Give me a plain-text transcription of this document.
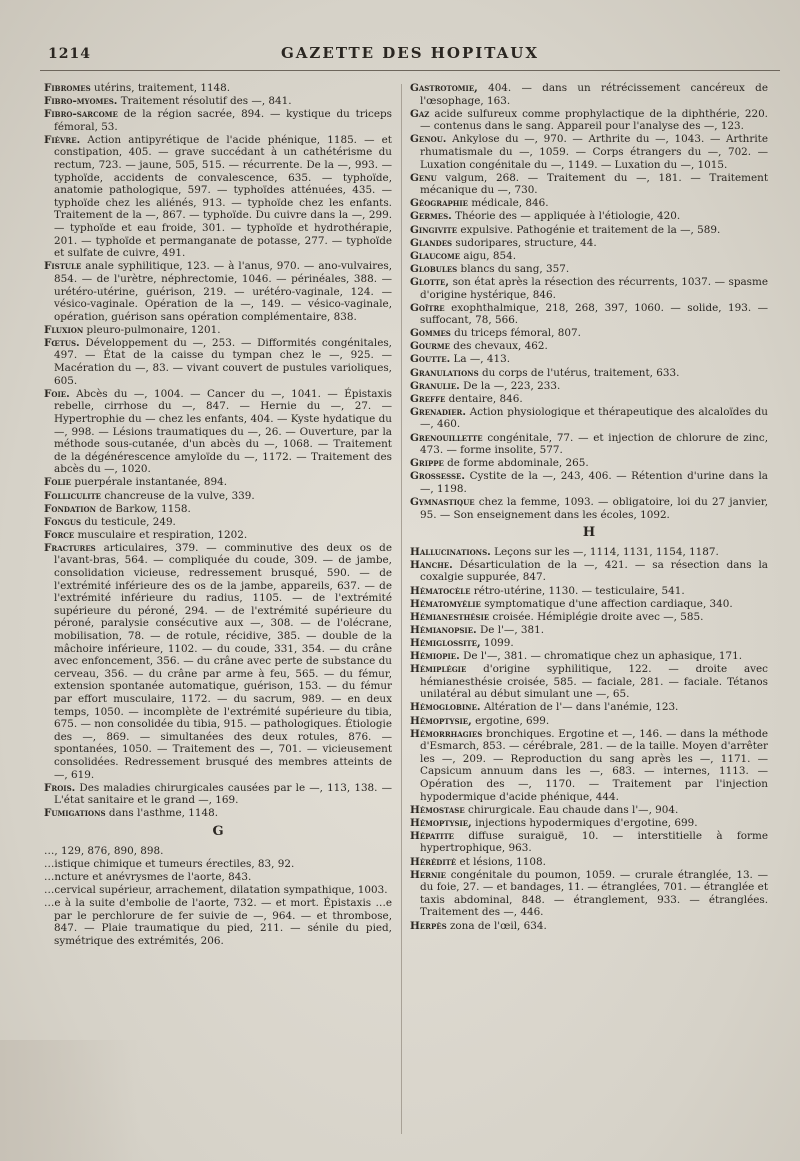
1214	GAZETTE DES HOPITAUX
Fibromes utérins, traitement, 1148.
Fibro-myomes. Traitement résolutif des —, 841.
Fibro-sarcome de la région sacrée, 894. — kystique du triceps fémoral, 53.
Fièvre. Action antipyrétique de l'acide phénique, 1185. — et constipation, 405. — grave succédant à un cathétérisme du rectum, 723. — jaune, 505, 515. — récurrente. De la —, 993. — typhoïde, accidents de convalescence, 635. — typhoïde, anatomie pathologique, 597. — typhoïdes atténuées, 435. — typhoïde chez les aliénés, 913. — typhoïde chez les enfants. Traitement de la —, 867. — typhoïde. Du cuivre dans la —, 299. — typhoïde et eau froide, 301. — typhoïde et hydrothérapie, 201. — typhoïde et permanganate de potasse, 277. — typhoïde et sulfate de cuivre, 491.
Fistule anale syphilitique, 123. — à l'anus, 970. — ano-vulvaires, 854. — de l'urètre, néphrectomie, 1046. — périnéales, 388. — urétéro-utérine, guérison, 219. — urétéro-vaginale, 124. — vésico-vaginale. Opération de la —, 149. — vésico-vaginale, opération, guérison sans opération complémentaire, 838.
Fluxion pleuro-pulmonaire, 1201.
Fœtus. Développement du —, 253. — Difformités congénitales, 497. — État de la caisse du tympan chez le —, 925. — Macération du —, 83. — vivant couvert de pustules varioliques, 605.
Foie. Abcès du —, 1004. — Cancer du —, 1041. — Épistaxis rebelle, cirrhose du —, 847. — Hernie du —, 27. — Hypertrophie du — chez les enfants, 404. — Kyste hydatique du —, 998. — Lésions traumatiques du —, 26. — Ouverture, par la méthode sous-cutanée, d'un abcès du —, 1068. — Traitement de la dégénérescence amyloïde du —, 1172. — Traitement des abcès du —, 1020.
Folie puerpérale instantanée, 894.
Folliculite chancreuse de la vulve, 339.
Fondation de Barkow, 1158.
Fongus du testicule, 249.
Force musculaire et respiration, 1202.
Fractures articulaires, 379. — comminutive des deux os de l'avant-bras, 564. — compliquée du coude, 309. — de jambe, consolidation vicieuse, redressement brusqué, 590. — de l'extrémité inférieure des os de la jambe, appareils, 637. — de l'extrémité inférieure du radius, 1105. — de l'extrémité supérieure du péroné, 294. — de l'extrémité supérieure du péroné, paralysie consécutive aux —, 308. — de l'olécrane, mobilisation, 78. — de rotule, récidive, 385. — double de la mâchoire inférieure, 1102. — du coude, 331, 354. — du crâne avec enfoncement, 356. — du crâne avec perte de substance du cerveau, 356. — du crâne par arme à feu, 565. — du fémur, extension spontanée automatique, guérison, 153. — du fémur par effort musculaire, 1172. — du sacrum, 989. — en deux temps, 1050. — incomplète de l'extrémité supérieure du tibia, 675. — non consolidée du tibia, 915. — pathologiques. Étiologie des —, 869. — simultanées des deux rotules, 876. — spontanées, 1050. — Traitement des —, 701. — vicieusement consolidées. Redressement brusqué des membres atteints de —, 619.
Frois. Des maladies chirurgicales causées par le —, 113, 138. — L'état sanitaire et le grand —, 169.
Fumigations dans l'asthme, 1148.
G
…, 129, 876, 890, 898.
…istique chimique et tumeurs érectiles, 83, 92.
…ncture et anévrysmes de l'aorte, 843.
…cervical supérieur, arrachement, dilatation sympathique, 1003.
…e à la suite d'embolie de l'aorte, 732. — et mort. Épistaxis …e par le perchlorure de fer suivie de —, 964. — et thrombose, 847. — Plaie traumatique du pied, 211. — sénile du pied, symétrique des extrémités, 206.
Gastrotomie, 404. — dans un rétrécissement cancéreux de l'œsophage, 163.
Gaz acide sulfureux comme prophylactique de la diphthérie, 220. — contenus dans le sang. Appareil pour l'analyse des —, 123.
Genou. Ankylose du —, 970. — Arthrite du —, 1043. — Arthrite rhumatismale du —, 1059. — Corps étrangers du —, 702. — Luxation congénitale du —, 1149. — Luxation du —, 1015.
Genu valgum, 268. — Traitement du —, 181. — Traitement mécanique du —, 730.
Géographie médicale, 846.
Germes. Théorie des — appliquée à l'étiologie, 420.
Gingivite expulsive. Pathogénie et traitement de la —, 589.
Glandes sudoripares, structure, 44.
Glaucome aigu, 854.
Globules blancs du sang, 357.
Glotte, son état après la résection des récurrents, 1037. — spasme d'origine hystérique, 846.
Goître exophthalmique, 218, 268, 397, 1060. — solide, 193. — suffocant, 78, 566.
Gommes du triceps fémoral, 807.
Gourme des chevaux, 462.
Goutte. La —, 413.
Granulations du corps de l'utérus, traitement, 633.
Granulie. De la —, 223, 233.
Greffe dentaire, 846.
Grenadier. Action physiologique et thérapeutique des alcaloïdes du —, 460.
Grenouillette congénitale, 77. — et injection de chlorure de zinc, 473. — forme insolite, 577.
Grippe de forme abdominale, 265.
Grossesse. Cystite de la —, 243, 406. — Rétention d'urine dans la —, 1198.
Gymnastique chez la femme, 1093. — obligatoire, loi du 27 janvier, 95. — Son enseignement dans les écoles, 1092.
H
Hallucinations. Leçons sur les —, 1114, 1131, 1154, 1187.
Hanche. Désarticulation de la —, 421. — sa résection dans la coxalgie suppurée, 847.
Hématocèle rétro-utérine, 1130. — testiculaire, 541.
Hématomyélie symptomatique d'une affection cardiaque, 340.
Hémianesthésie croisée. Hémiplégie droite avec —, 585.
Hémianopsie. De l'—, 381.
Hémiglossite, 1099.
Hémiopie. De l'—, 381. — chromatique chez un aphasique, 171.
Hémiplégie d'origine syphilitique, 122. — droite avec hémianesthésie croisée, 585. — faciale, 281. — faciale. Tétanos unilatéral au début simulant une —, 65.
Hémoglobine. Altération de l'— dans l'anémie, 123.
Hémoptysie, ergotine, 699.
Hémorrhagies bronchiques. Ergotine et —, 146. — dans la méthode d'Esmarch, 853. — cérébrale, 281. — de la taille. Moyen d'arrêter les —, 209. — Reproduction du sang après les —, 1171. — Capsicum annuum dans les —, 683. — internes, 1113. — Opération des —, 1170. — Traitement par l'injection hypodermique d'acide phénique, 444.
Hémostase chirurgicale. Eau chaude dans l'—, 904.
Hémoptysie, injections hypodermiques d'ergotine, 699.
Hépatite diffuse suraiguë, 10. — interstitielle à forme hypertrophique, 963.
Hérédité et lésions, 1108.
Hernie congénitale du poumon, 1059. — crurale étranglée, 13. — du foie, 27. — et bandages, 11. — étranglées, 701. — étranglée et taxis abdominal, 848. — étranglement, 933. — étranglées. Traitement des —, 446.
Herpès zona de l'œil, 634.
